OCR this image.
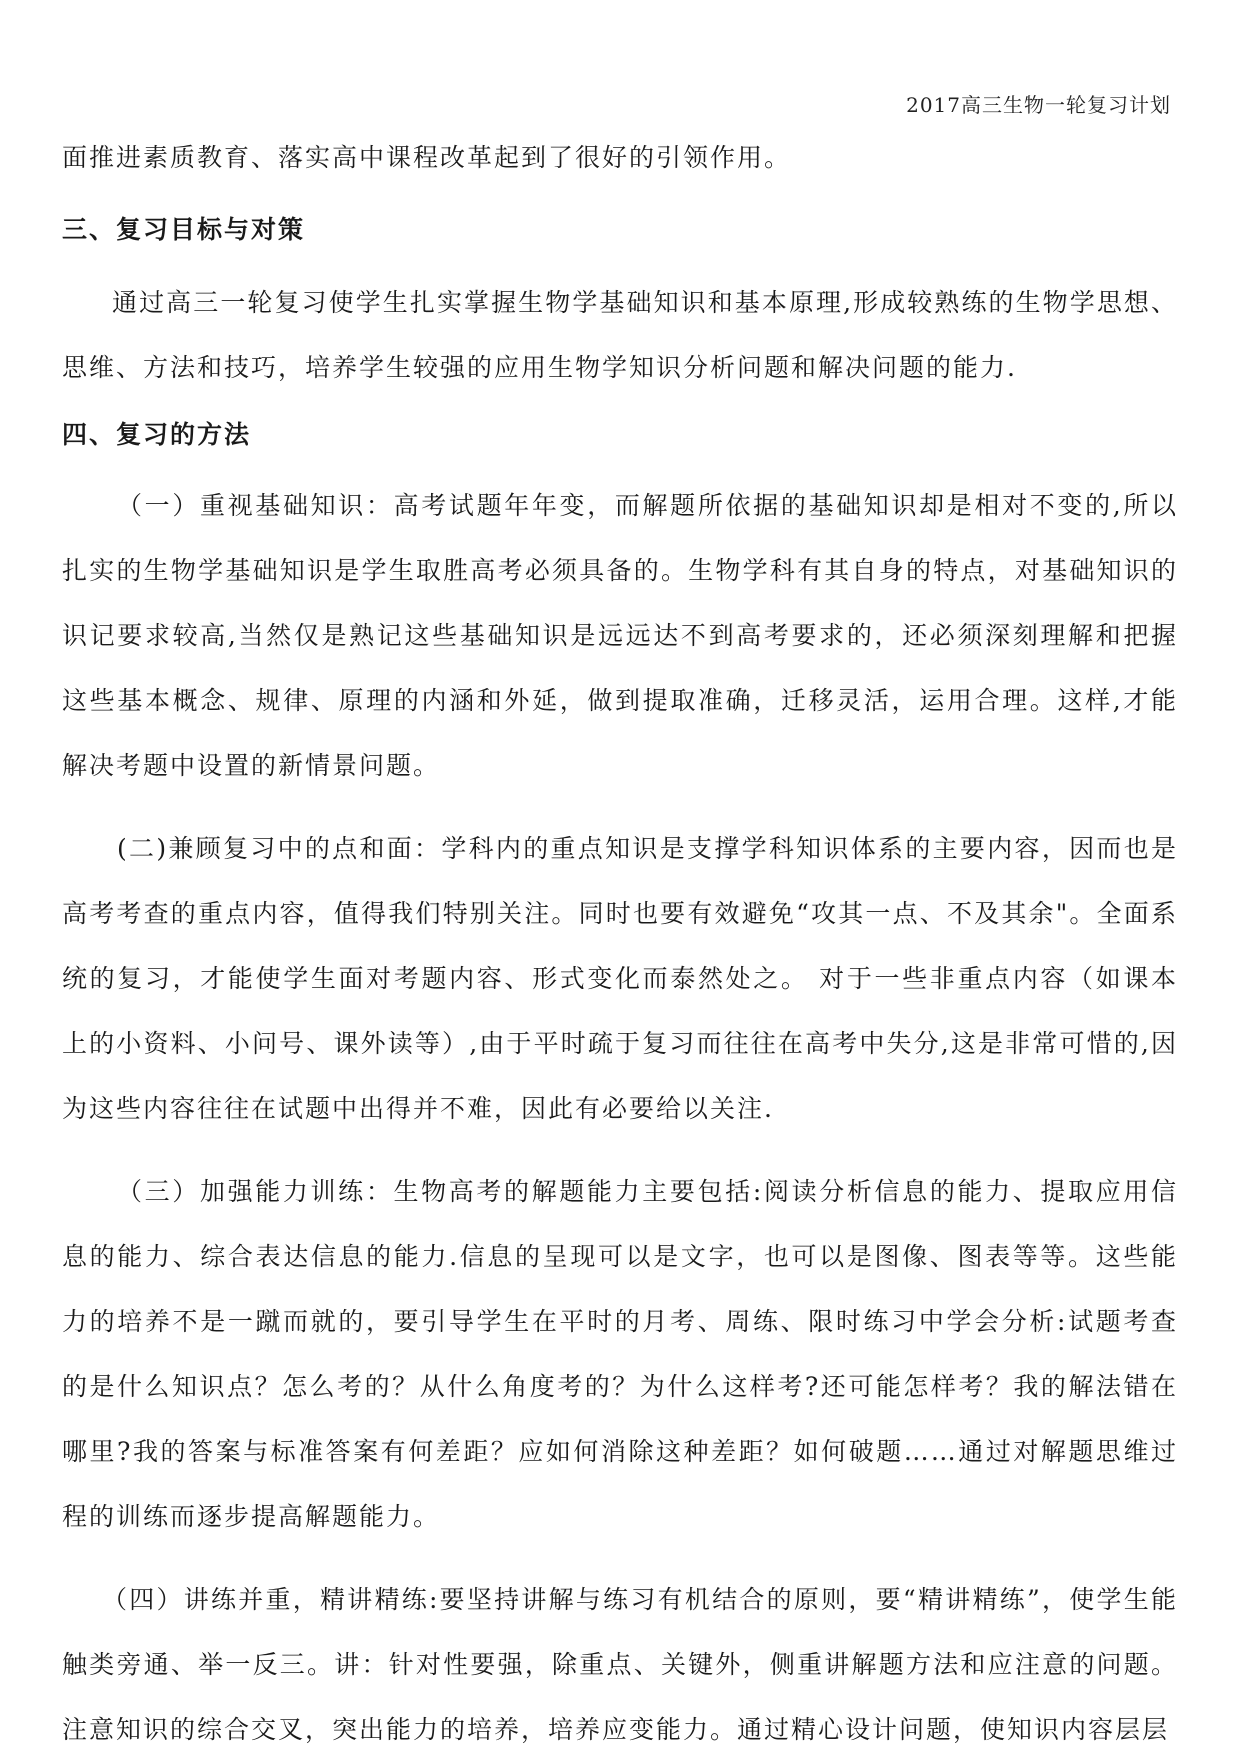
2017高三生物一轮复习计划

面推进素质教育、落实高中课程改革起到了很好的引领作用。

三、复习目标与对策

通过高三一轮复习使学生扎实掌握生物学基础知识和基本原理,形成较熟练的生物学思想、思维、方法和技巧，培养学生较强的应用生物学知识分析问题和解决问题的能力.

四、复习的方法

（一）重视基础知识：高考试题年年变，而解题所依据的基础知识却是相对不变的,所以扎实的生物学基础知识是学生取胜高考必须具备的。生物学科有其自身的特点，对基础知识的识记要求较高,当然仅是熟记这些基础知识是远远达不到高考要求的，还必须深刻理解和把握这些基本概念、规律、原理的内涵和外延，做到提取准确，迁移灵活，运用合理。这样,才能解决考题中设置的新情景问题。

(二)兼顾复习中的点和面：学科内的重点知识是支撑学科知识体系的主要内容，因而也是高考考查的重点内容，值得我们特别关注。同时也要有效避免“攻其一点、不及其余"。全面系统的复习，才能使学生面对考题内容、形式变化而泰然处之。 对于一些非重点内容（如课本上的小资料、小问号、课外读等）,由于平时疏于复习而往往在高考中失分,这是非常可惜的,因为这些内容往往在试题中出得并不难，因此有必要给以关注.

（三）加强能力训练：生物高考的解题能力主要包括:阅读分析信息的能力、提取应用信息的能力、综合表达信息的能力.信息的呈现可以是文字，也可以是图像、图表等等。这些能力的培养不是一蹴而就的，要引导学生在平时的月考、周练、限时练习中学会分析:试题考查的是什么知识点？怎么考的？从什么角度考的？为什么这样考?还可能怎样考？我的解法错在哪里?我的答案与标准答案有何差距？应如何消除这种差距？如何破题……通过对解题思维过程的训练而逐步提高解题能力。

（四）讲练并重，精讲精练:要坚持讲解与练习有机结合的原则，要“精讲精练”，使学生能触类旁通、举一反三。讲：针对性要强，除重点、关键外，侧重讲解题方法和应注意的问题。注意知识的综合交叉，突出能力的培养，培养应变能力。通过精心设计问题，使知识内容层层
